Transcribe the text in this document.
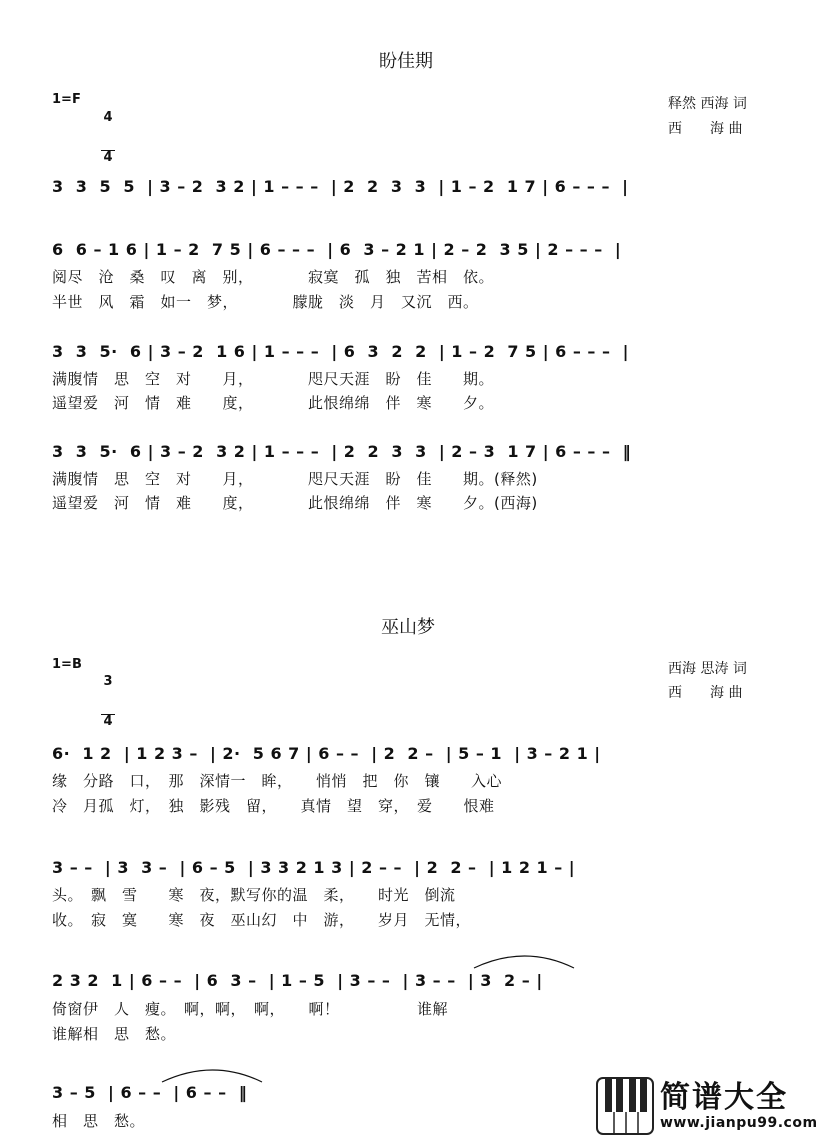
盼佳期
1=F

$\frac{4}{4}$	释然 西海 词
西　　海 曲
3  3  5  5  | 3 – 2  3 2 | 1 – – –  | 2  2  3  3  | 1 – 2  1 7 | 6 – – –  |
6  6 – 1 6 | 1 – 2  7 5 | 6 – – –  | 6  3 – 2 1 | 2 – 2  3 5 | 2 – – –  |
阅尽　沧　桑　叹　离　别，　　　　寂寞　孤　独　苦相　依。
半世　风　霜　如一　梦，　　　　朦胧　淡　月　又沉　西。
3  3  5·  6 | 3 – 2  1 6 | 1 – – –  | 6  3  2  2  | 1 – 2  7 5 | 6 – – –  |
满腹情　思　空　对　　月，　　　　咫尺天涯　盼　佳　　期。
遥望爱　河　情　难　　度，　　　　此恨绵绵　伴　寒　　夕。
3  3  5·  6 | 3 – 2  3 2 | 1 – – –  | 2  2  3  3  | 2 – 3  1 7 | 6 – – –  ‖
满腹情　思　空　对　　月，　　　　咫尺天涯　盼　佳　　期。(释然)
遥望爱　河　情　难　　度，　　　　此恨绵绵　伴　寒　　夕。(西海)
巫山梦
1=B

$\frac{3}{4}$	西海 思涛 词
西　　海 曲
6·  1 2  | 1 2 3 –  | 2·  5 6 7 | 6 – –  | 2  2 –  | 5 – 1  | 3 – 2 1 |
缘　分路　口，　那　深情一　眸，　　悄悄　把　你　镶　　入心
冷　月孤　灯，　独　影残　留，　　真情　望　穿，　爱　　恨难
3 – –  | 3  3 –  | 6 – 5  | 3 3 2 1 3 | 2 – –  | 2  2 –  | 1 2 1 – |
头。　飘　雪　　寒　夜，默写你的温　柔，　　时光　倒流
收。　寂　寞　　寒　夜　巫山幻　中　游，　　岁月　无情，
2 3 2  1 | 6 – –  | 6  3 –  | 1 – 5  | 3 – –  | 3 – –  | 3  2 – |
倚窗伊　人　瘦。　啊，啊，　啊，　　啊！　　　　　谁解
谁解相　思　愁。
3 – 5  | 6 – –  | 6 – –  ‖
相　思　愁。
简谱大全
www.jianpu99.com
